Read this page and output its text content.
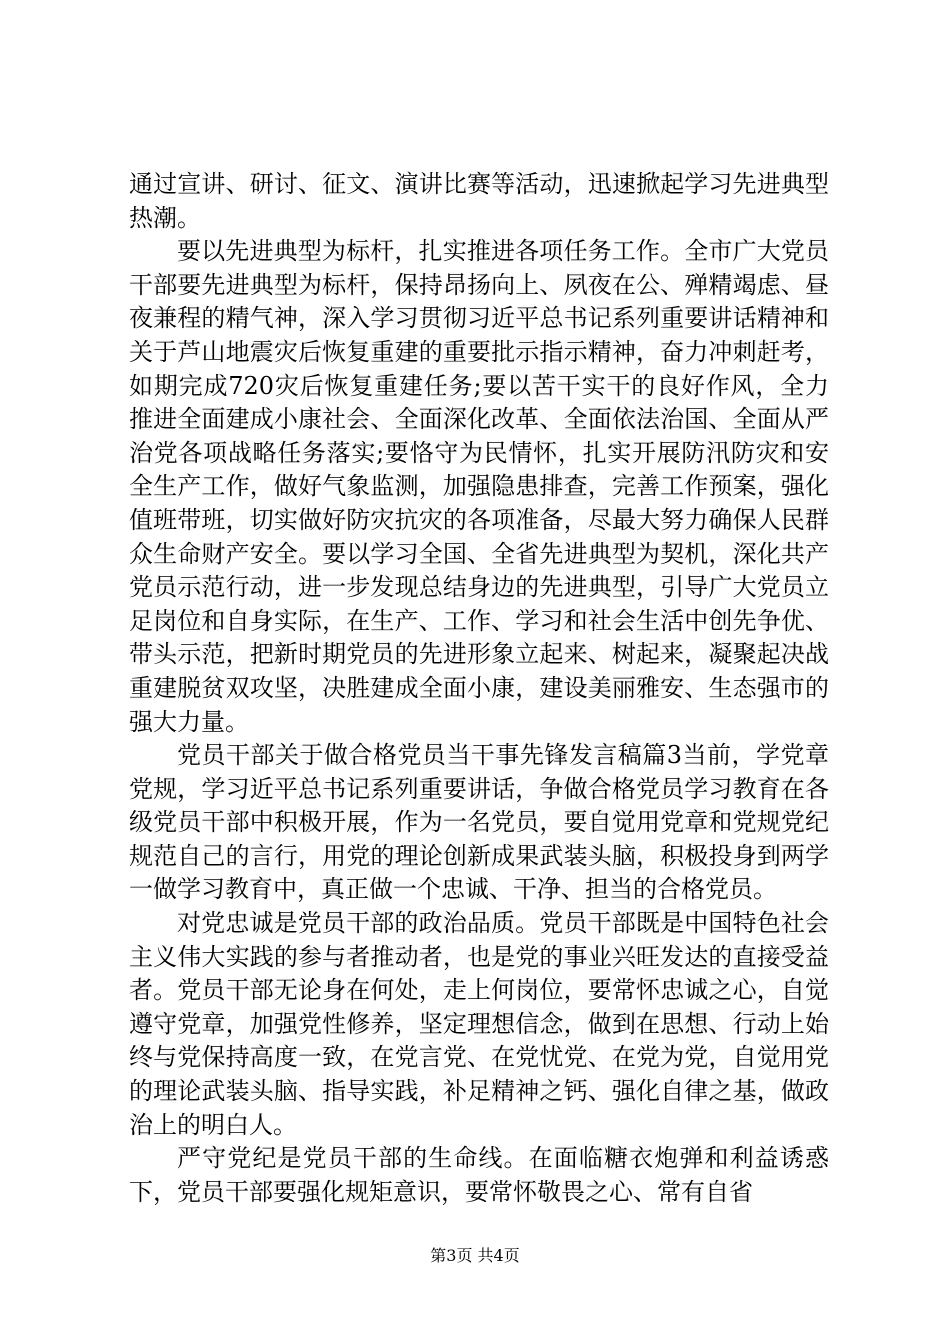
通过宣讲、研讨、征文、演讲比赛等活动，迅速掀起学习先进典型热潮。

要以先进典型为标杆，扎实推进各项任务工作。全市广大党员干部要先进典型为标杆，保持昂扬向上、夙夜在公、殚精竭虑、昼夜兼程的精气神，深入学习贯彻习近平总书记系列重要讲话精神和关于芦山地震灾后恢复重建的重要批示指示精神，奋力冲刺赶考，如期完成720灾后恢复重建任务;要以苦干实干的良好作风，全力推进全面建成小康社会、全面深化改革、全面依法治国、全面从严治党各项战略任务落实;要恪守为民情怀，扎实开展防汛防灾和安全生产工作，做好气象监测，加强隐患排查，完善工作预案，强化值班带班，切实做好防灾抗灾的各项准备，尽最大努力确保人民群众生命财产安全。要以学习全国、全省先进典型为契机，深化共产党员示范行动，进一步发现总结身边的先进典型，引导广大党员立足岗位和自身实际，在生产、工作、学习和社会生活中创先争优、带头示范，把新时期党员的先进形象立起来、树起来，凝聚起决战重建脱贫双攻坚，决胜建成全面小康，建设美丽雅安、生态强市的强大力量。

党员干部关于做合格党员当干事先锋发言稿篇3当前，学党章党规，学习近平总书记系列重要讲话，争做合格党员学习教育在各级党员干部中积极开展，作为一名党员，要自觉用党章和党规党纪规范自己的言行，用党的理论创新成果武装头脑，积极投身到两学一做学习教育中，真正做一个忠诚、干净、担当的合格党员。

对党忠诚是党员干部的政治品质。党员干部既是中国特色社会主义伟大实践的参与者推动者，也是党的事业兴旺发达的直接受益者。党员干部无论身在何处，走上何岗位，要常怀忠诚之心，自觉遵守党章，加强党性修养，坚定理想信念，做到在思想、行动上始终与党保持高度一致，在党言党、在党忧党、在党为党，自觉用党的理论武装头脑、指导实践，补足精神之钙、强化自律之基，做政治上的明白人。

严守党纪是党员干部的生命线。在面临糖衣炮弹和利益诱惑下，党员干部要强化规矩意识，要常怀敬畏之心、常有自省

第3页 共4页
